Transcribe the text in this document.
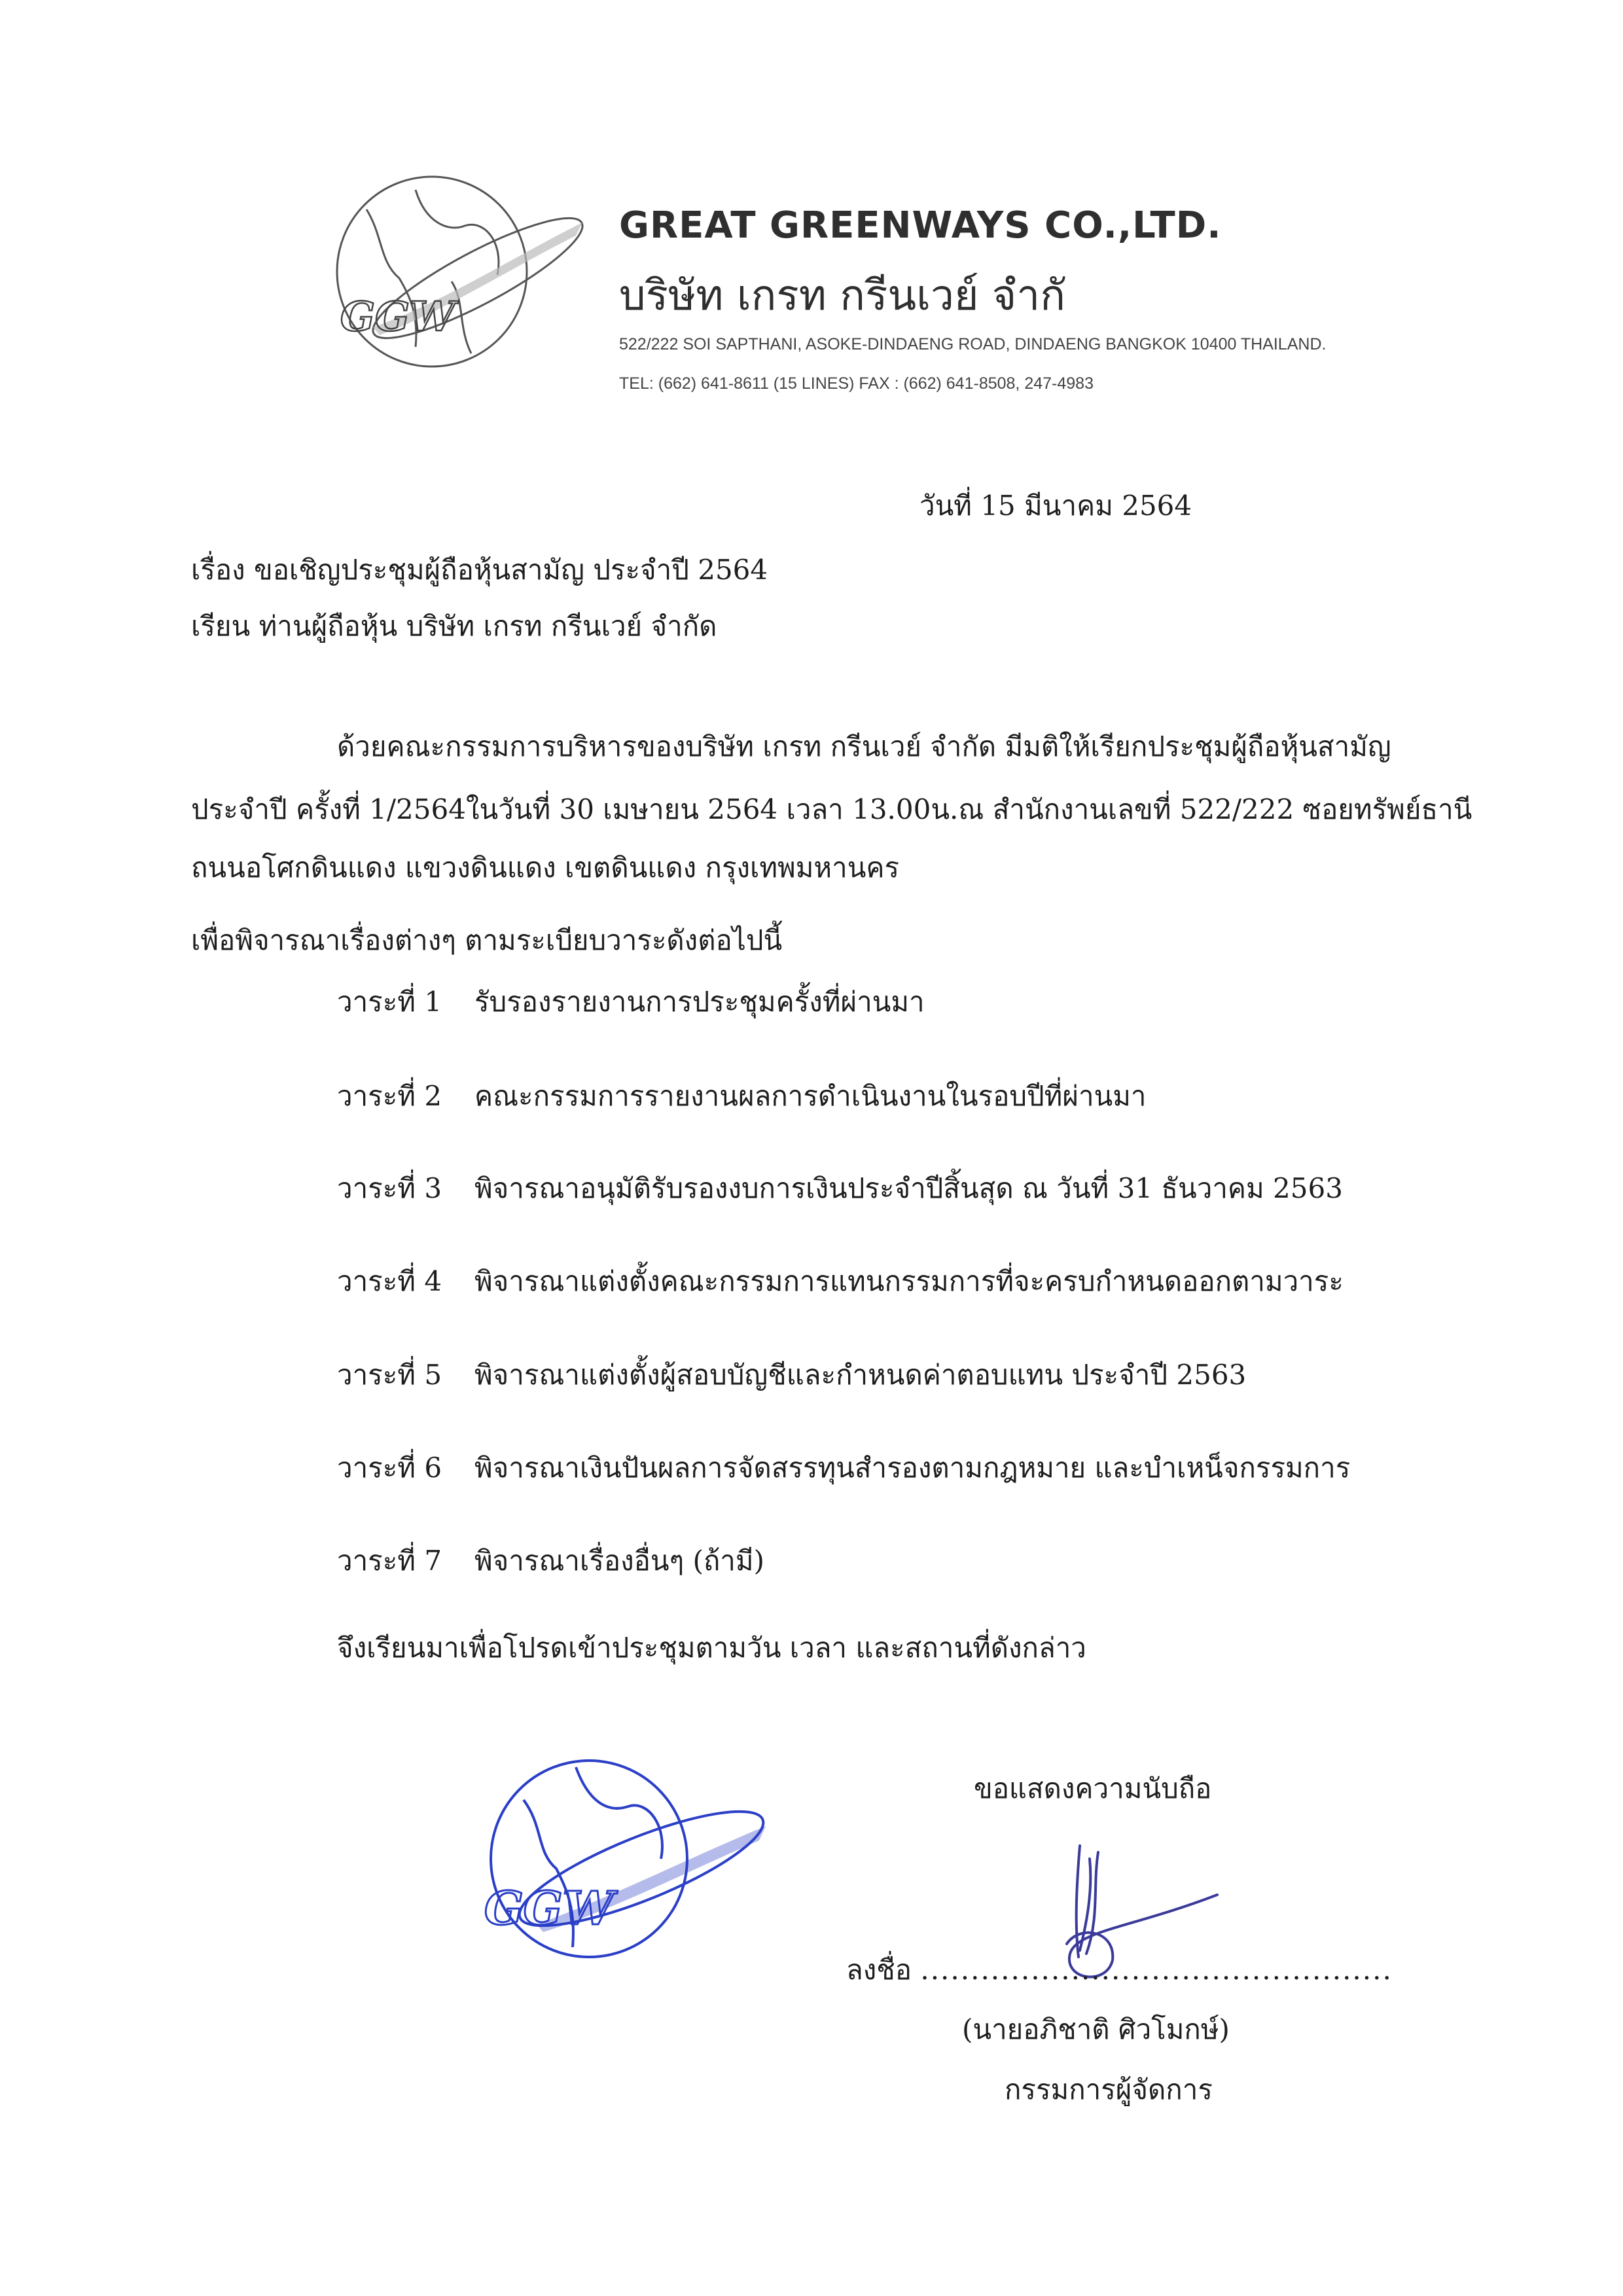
GGW
GREAT GREENWAYS CO.,LTD.
บริษัท เกรท กรีนเวย์ จำกั
522/222 SOI SAPTHANI, ASOKE-DINDAENG ROAD, DINDAENG BANGKOK 10400 THAILAND.
TEL: (662) 641-8611 (15 LINES) FAX : (662) 641-8508, 247-4983
วันที่ 15 มีนาคม 2564
เรื่อง ขอเชิญประชุมผู้ถือหุ้นสามัญ ประจำปี 2564
เรียน ท่านผู้ถือหุ้น บริษัท เกรท กรีนเวย์ จำกัด
ด้วยคณะกรรมการบริหารของบริษัท เกรท กรีนเวย์ จำกัด มีมติให้เรียกประชุมผู้ถือหุ้นสามัญ
ประจำปี ครั้งที่ 1/2564ในวันที่ 30 เมษายน 2564 เวลา 13.00น.ณ สำนักงานเลขที่ 522/222 ซอยทรัพย์ธานี
ถนนอโศกดินแดง แขวงดินแดง เขตดินแดง กรุงเทพมหานคร
เพื่อพิจารณาเรื่องต่างๆ ตามระเบียบวาระดังต่อไปนี้
วาระที่ 1 รับรองรายงานการประชุมครั้งที่ผ่านมา
วาระที่ 2 คณะกรรมการรายงานผลการดำเนินงานในรอบปีที่ผ่านมา
วาระที่ 3 พิจารณาอนุมัติรับรองงบการเงินประจำปีสิ้นสุด ณ วันที่ 31 ธันวาคม 2563
วาระที่ 4 พิจารณาแต่งตั้งคณะกรรมการแทนกรรมการที่จะครบกำหนดออกตามวาระ
วาระที่ 5 พิจารณาแต่งตั้งผู้สอบบัญชีและกำหนดค่าตอบแทน ประจำปี 2563
วาระที่ 6 พิจารณาเงินปันผลการจัดสรรทุนสำรองตามกฎหมาย และบำเหน็จกรรมการ
วาระที่ 7 พิจารณาเรื่องอื่นๆ (ถ้ามี)
จึงเรียนมาเพื่อโปรดเข้าประชุมตามวัน เวลา และสถานที่ดังกล่าว
GGW
ขอแสดงความนับถือ
ลงชื่อ ...............................................
(นายอภิชาติ ศิวโมกษ์)
กรรมการผู้จัดการ
